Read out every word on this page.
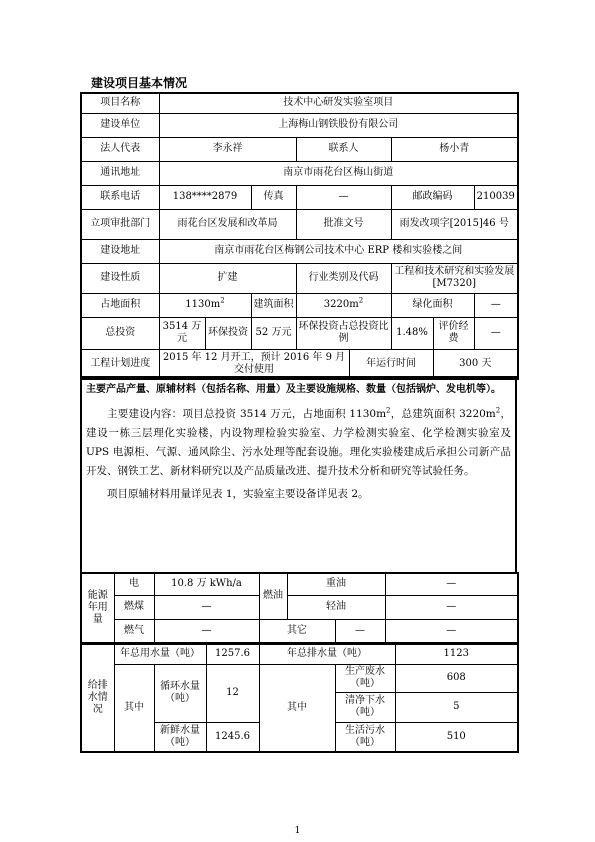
建设项目基本情况
项目名称	技术中心研发实验室项目							
建设单位	上海梅山钢铁股份有限公司							
法人代表	李永祥			联系人		杨小青		
通讯地址	南京市雨花台区梅山街道							
联系电话	138****2879		传真	—		邮政编码		210039
立项审批部门	雨花台区发展和改革局			批准文号		雨发改项字[2015]46 号		
建设地址	南京市雨花台区梅钢公司技术中心 ERP 楼和实验楼之间							
建设性质	扩建			行业类别及代码		工程和技术研究和实验发展 [M7320]		
占地面积	$1130m^2$		建筑面积	$3220m^2$		绿化面积		—
总投资	3514 万元	环保投资	52 万元	环保投资占总投资比例		1.48%	评价经费	—
工程计划进度	2015 年 12 月开工，预计 2016 年 9 月交付使用				年运行时间		300 天	

主要产品产量、原辅材料（包括名称、用量）及主要设施规格、数量（包括锅炉、发电机等）。

主要建设内容：项目总投资 3514 万元，占地面积 $1130m^2$，总建筑面积 $3220m^2$，建设一栋三层理化实验楼，内设物理检验实验室、力学检测实验室、化学检测实验室及 UPS 电源柜、气源、通风除尘、污水处理等配套设施。理化实验楼建成后承担公司新产品开发、钢铁工艺、新材料研究以及产品质量改进、提升技术分析和研究等试验任务。

项目原辅材料用量详见表 1，实验室主要设备详见表 2。

能源年用量	电	10.8 万 kWh/a	燃油	重油		—
	燃煤	—		轻油		—
	燃气	—	其它		—	—
给排水情况	年总用水量（吨）		1257.6	年总排水量（吨）		1123
	其中	循环水量（吨）	12	其中	生产废水（吨）	608
					清净下水（吨）	5
		新鲜水量（吨）	1245.6		生活污水（吨）	510
1
